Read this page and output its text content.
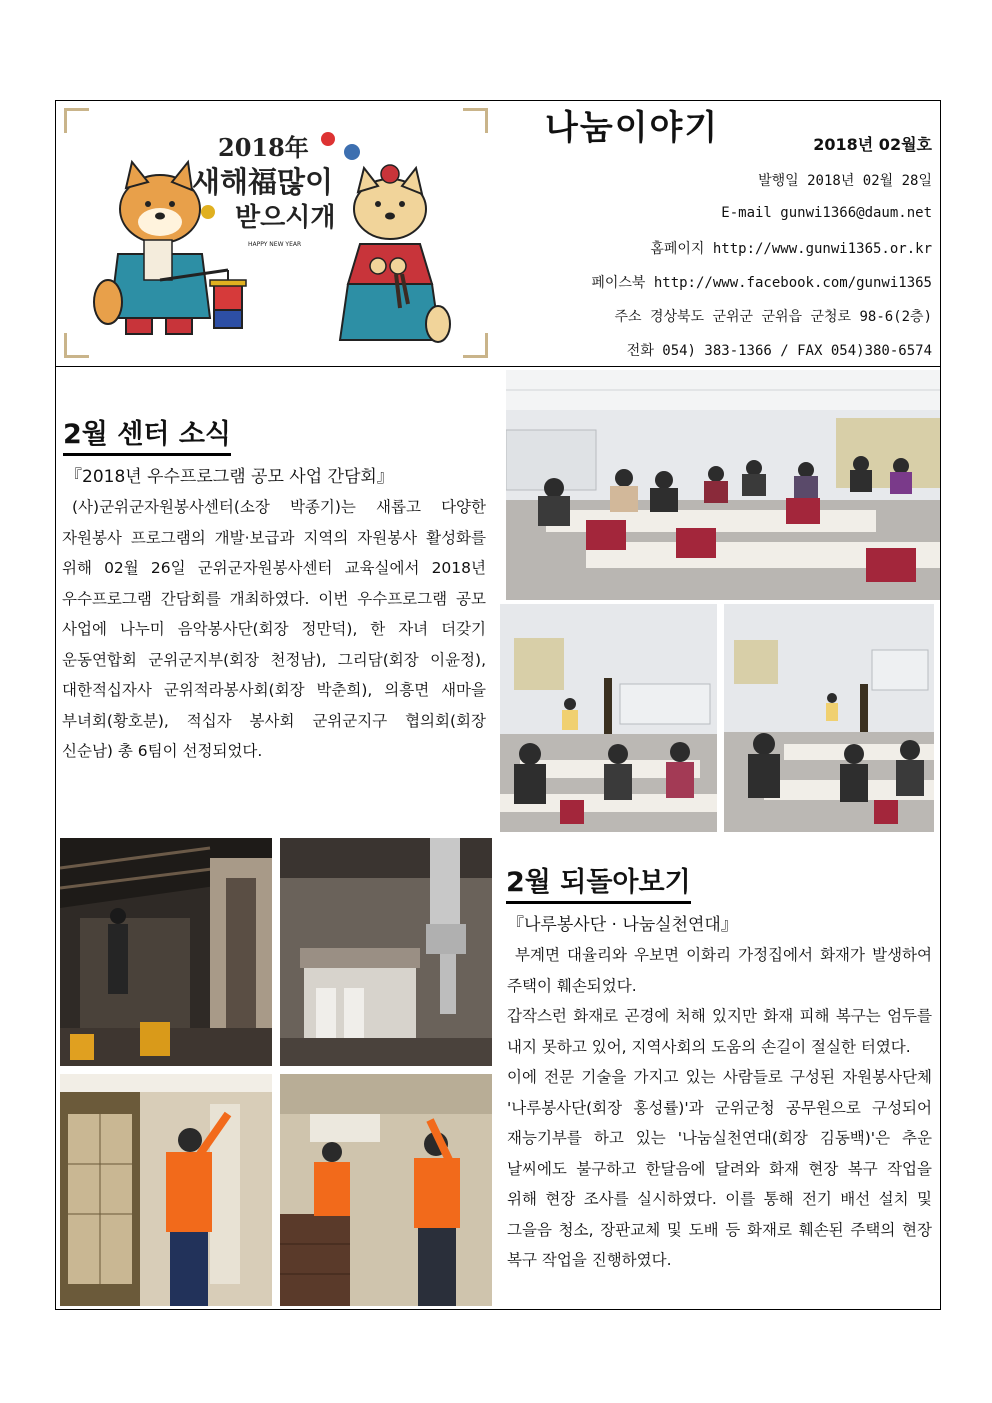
2018年
새해福많이
받으시개
HAPPY NEW YEAR
나눔이야기	2018년 02월호
발행일 2018년 02월 28일
E-mail gunwi1366@daum.net
홈페이지 http://www.gunwi1365.or.kr
페이스북 http://www.facebook.com/gunwi1365
주소 경상북도 군위군 군위읍 군청로 98-6(2층)
전화 054) 383-1366 / FAX 054)380-6574
2월 센터 소식
『2018년 우수프로그램 공모 사업 간담회』

(사)군위군자원봉사센터(소장 박종기)는 새롭고 다양한 자원봉사 프로그램의 개발·보급과 지역의 자원봉사 활성화를 위해 02월 26일 군위군자원봉사센터 교육실에서 2018년 우수프로그램 간담회를 개최하였다. 이번 우수프로그램 공모 사업에 나누미 음악봉사단(회장 정만덕), 한 자녀 더갖기 운동연합회 군위군지부(회장 천정남), 그리담(회장 이윤정), 대한적십자사 군위적라봉사회(회장 박춘희), 의흥면 새마을 부녀회(황호분), 적십자 봉사회 군위군지구 협의회(회장 신순남) 총 6팀이 선정되었다.

2월 되돌아보기
『나루봉사단 · 나눔실천연대』

부계면 대율리와 우보면 이화리 가정집에서 화재가 발생하여 주택이 훼손되었다.

갑작스런 화재로 곤경에 처해 있지만 화재 피해 복구는 엄두를 내지 못하고 있어, 지역사회의 도움의 손길이 절실한 터였다.

이에 전문 기술을 가지고 있는 사람들로 구성된 자원봉사단체 '나루봉사단(회장 홍성률)'과 군위군청 공무원으로 구성되어 재능기부를 하고 있는 '나눔실천연대(회장 김동백)'은 추운 날씨에도 불구하고 한달음에 달려와 화재 현장 복구 작업을 위해 현장 조사를 실시하였다. 이를 통해 전기 배선 설치 및 그을음 청소, 장판교체 및 도배 등 화재로 훼손된 주택의 현장 복구 작업을 진행하였다.
